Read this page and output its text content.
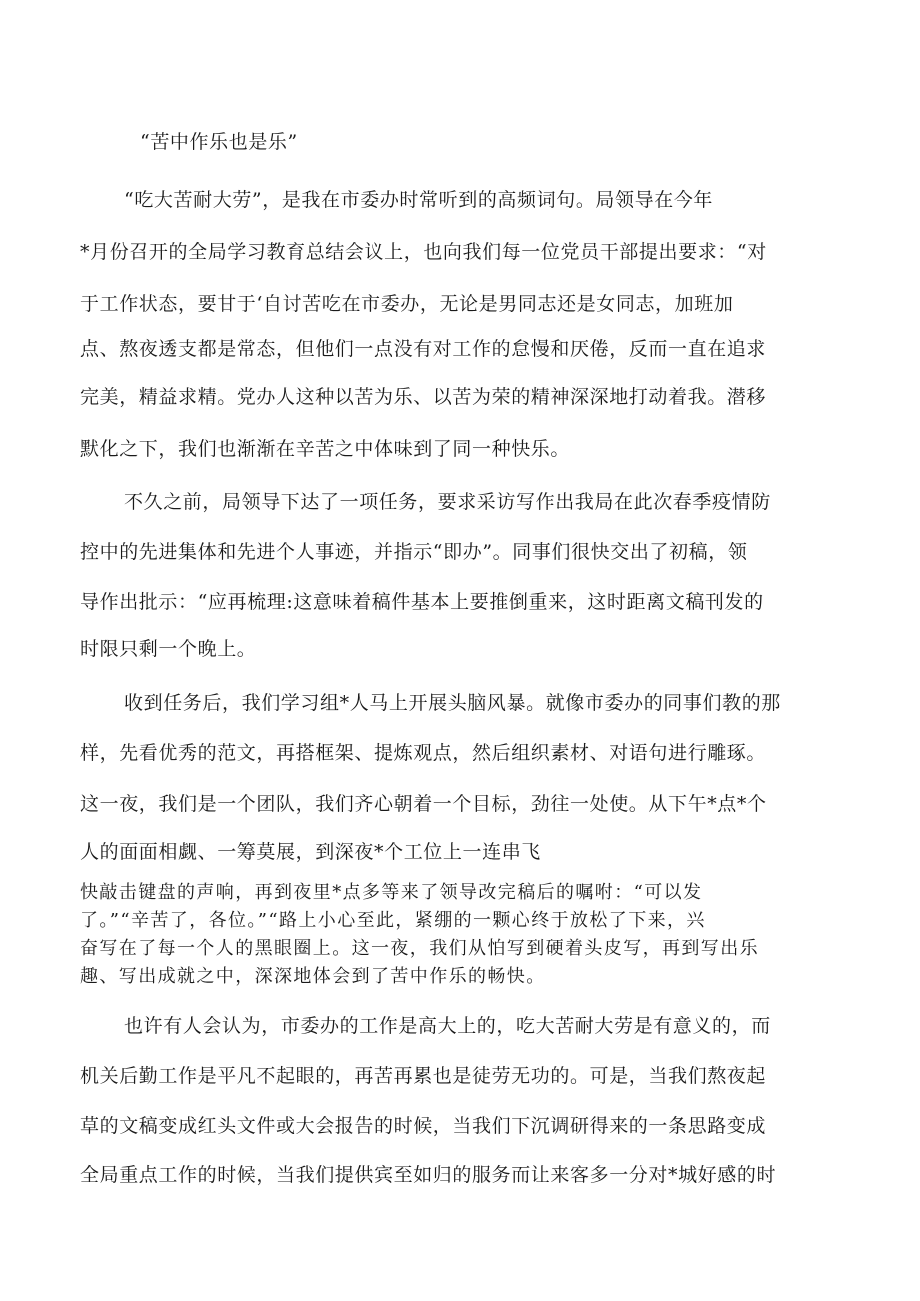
“苦中作乐也是乐”
“吃大苦耐大劳”，是我在市委办时常听到的高频词句。局领导在今年
*月份召开的全局学习教育总结会议上，也向我们每一位党员干部提出要求：“对
于工作状态，要甘于‘自讨苦吃在市委办，无论是男同志还是女同志，加班加
点、熬夜透支都是常态，但他们一点没有对工作的怠慢和厌倦，反而一直在追求
完美，精益求精。党办人这种以苦为乐、以苦为荣的精神深深地打动着我。潜移
默化之下，我们也渐渐在辛苦之中体味到了同一种快乐。
不久之前，局领导下达了一项任务，要求采访写作出我局在此次春季疫情防
控中的先进集体和先进个人事迹，并指示“即办”。同事们很快交出了初稿，领
导作出批示：“应再梳理:这意味着稿件基本上要推倒重来，这时距离文稿刊发的
时限只剩一个晚上。
收到任务后，我们学习组*人马上开展头脑风暴。就像市委办的同事们教的那
样，先看优秀的范文，再搭框架、提炼观点，然后组织素材、对语句进行雕琢。
这一夜，我们是一个团队，我们齐心朝着一个目标，劲往一处使。从下午*点*个
人的面面相觑、一筹莫展，到深夜*个工位上一连串飞
快敲击键盘的声响，再到夜里*点多等来了领导改完稿后的嘱咐：“可以发
了。”“辛苦了，各位。”“路上小心至此，紧绷的一颗心终于放松了下来，兴
奋写在了每一个人的黑眼圈上。这一夜，我们从怕写到硬着头皮写，再到写出乐
趣、写出成就之中，深深地体会到了苦中作乐的畅快。
也许有人会认为，市委办的工作是高大上的，吃大苦耐大劳是有意义的，而
机关后勤工作是平凡不起眼的，再苦再累也是徒劳无功的。可是，当我们熬夜起
草的文稿变成红头文件或大会报告的时候，当我们下沉调研得来的一条思路变成
全局重点工作的时候，当我们提供宾至如归的服务而让来客多一分对*城好感的时
